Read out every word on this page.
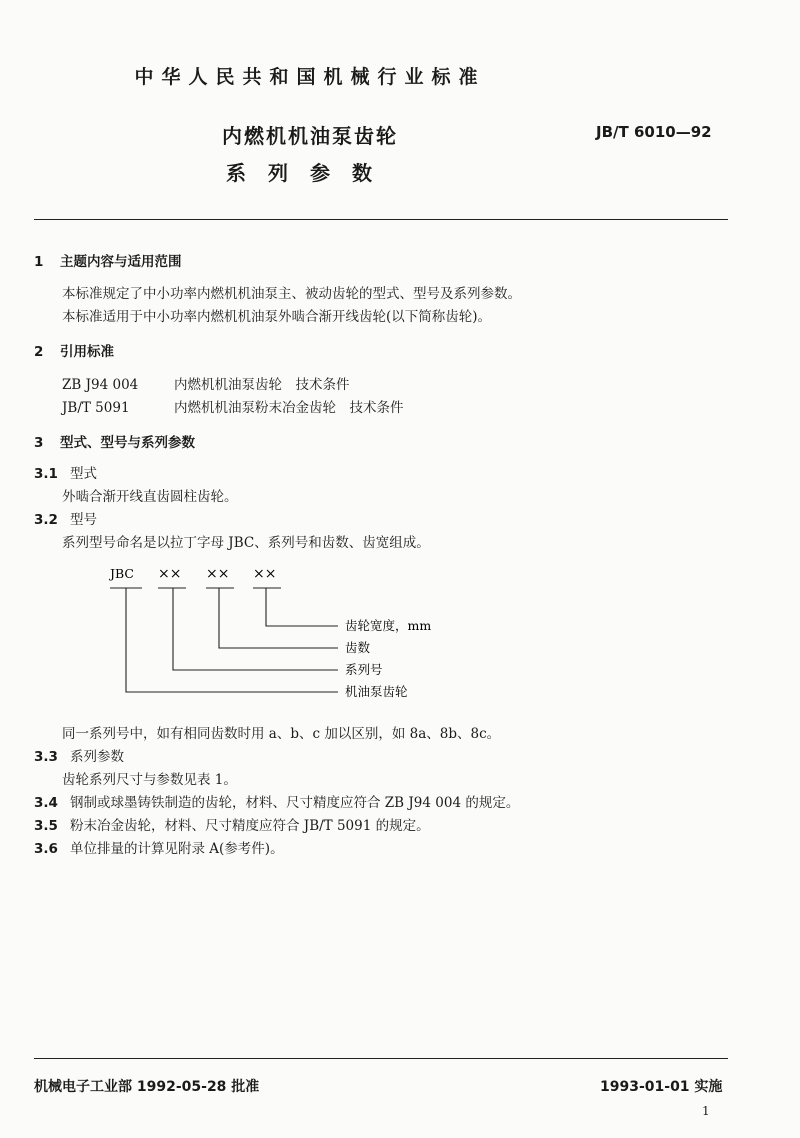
中华人民共和国机械行业标准
内燃机机油泵齿轮
系列参数
JB/T 6010—92
1 主题内容与适用范围
本标准规定了中小功率内燃机机油泵主、被动齿轮的型式、型号及系列参数。
本标准适用于中小功率内燃机机油泵外啮合渐开线齿轮(以下简称齿轮)。
2 引用标准
ZB J94 004	内燃机机油泵齿轮　技术条件
JB/T 5091	内燃机机油泵粉末冶金齿轮　技术条件
3 型式、型号与系列参数
3.1 型式
外啮合渐开线直齿圆柱齿轮。
3.2 型号
系列型号命名是以拉丁字母 JBC、系列号和齿数、齿宽组成。
JBC ×× ×× ××
齿轮宽度，mm
齿数
系列号
机油泵齿轮
同一系列号中，如有相同齿数时用 a、b、c 加以区别，如 8a、8b、8c。
3.3 系列参数
齿轮系列尺寸与参数见表 1。
3.4 钢制或球墨铸铁制造的齿轮，材料、尺寸精度应符合 ZB J94 004 的规定。
3.5 粉末冶金齿轮，材料、尺寸精度应符合 JB/T 5091 的规定。
3.6 单位排量的计算见附录 A(参考件)。
机械电子工业部 1992-05-28 批准	1993-01-01 实施
1
